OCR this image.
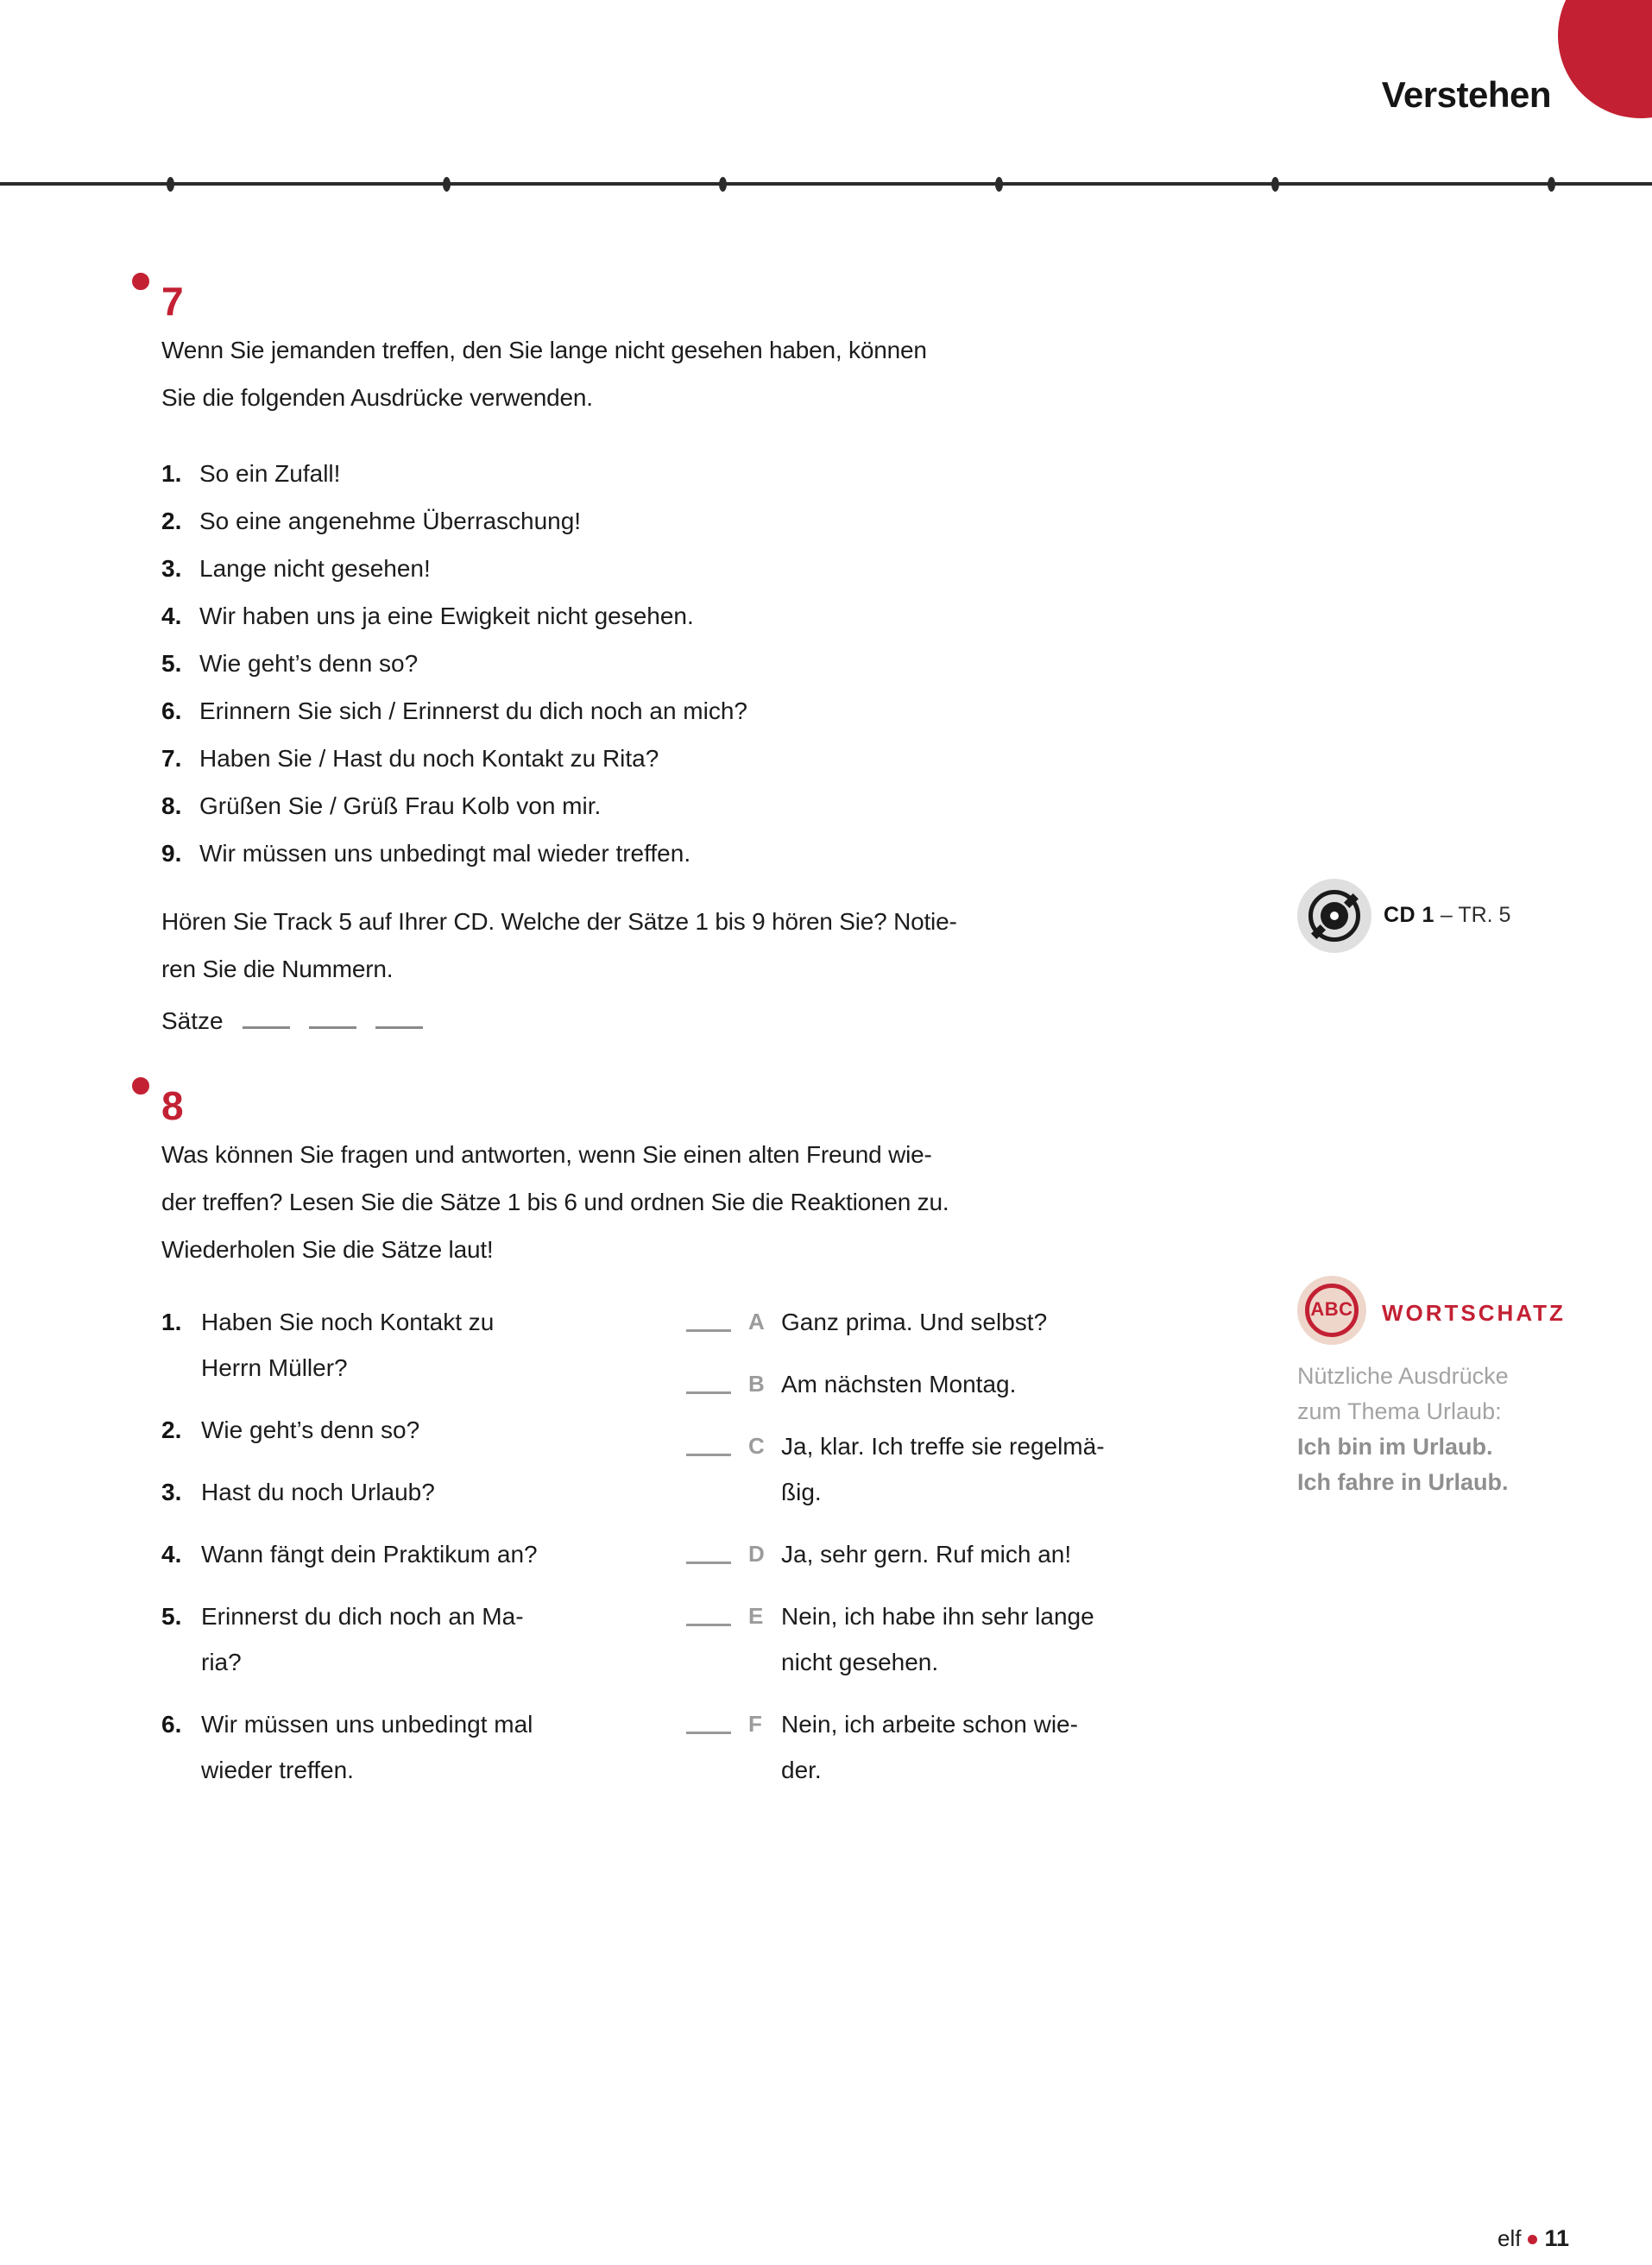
Verstehen
7
Wenn Sie jemanden treffen, den Sie lange nicht gesehen haben, können
Sie die folgenden Ausdrücke verwenden.
1. So ein Zufall!
2. So eine angenehme Überraschung!
3. Lange nicht gesehen!
4. Wir haben uns ja eine Ewigkeit nicht gesehen.
5. Wie geht’s denn so?
6. Erinnern Sie sich / Erinnerst du dich noch an mich?
7. Haben Sie / Hast du noch Kontakt zu Rita?
8. Grüßen Sie / Grüß Frau Kolb von mir.
9. Wir müssen uns unbedingt mal wieder treffen.
Hören Sie Track 5 auf Ihrer CD. Welche der Sätze 1 bis 9 hören Sie? Notie-
ren Sie die Nummern.
Sätze
CD 1 – TR. 5
8
Was können Sie fragen und antworten, wenn Sie einen alten Freund wie-
der treffen? Lesen Sie die Sätze 1 bis 6 und ordnen Sie die Reaktionen zu.
Wiederholen Sie die Sätze laut!
1. Haben Sie noch Kontakt zu
Herrn Müller?
2. Wie geht’s denn so?
3. Hast du noch Urlaub?
4. Wann fängt dein Praktikum an?
5. Erinnerst du dich noch an Ma-
ria?
6. Wir müssen uns unbedingt mal
wieder treffen.
A Ganz prima. Und selbst?
B Am nächsten Montag.
C Ja, klar. Ich treffe sie regelmä-
ßig.
D Ja, sehr gern. Ruf mich an!
E Nein, ich habe ihn sehr lange
nicht gesehen.
F Nein, ich arbeite schon wie-
der.
ABC	WORTSCHATZ
Nützliche Ausdrücke
zum Thema Urlaub:
Ich bin im Urlaub.
Ich fahre in Urlaub.
elf 11
